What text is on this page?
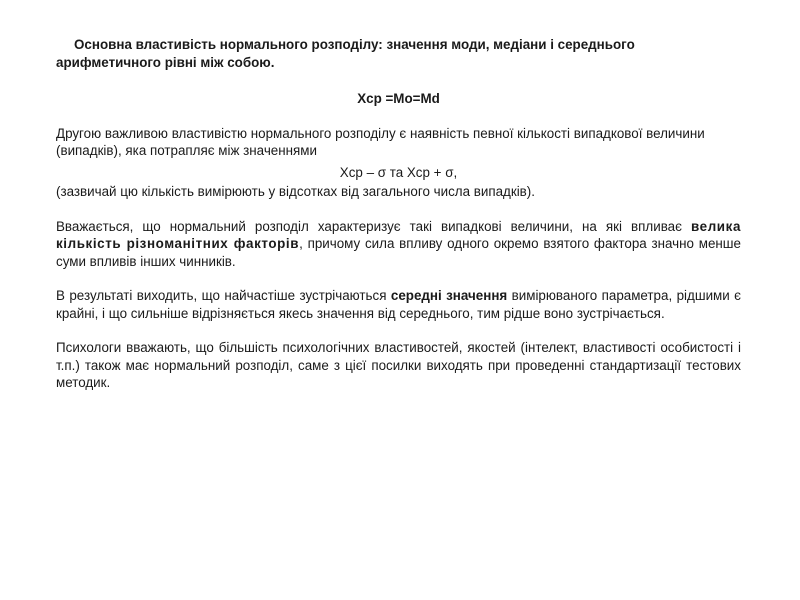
Основна властивість нормального розподілу: значення моди, медіани і середнього арифметичного рівні між собою.

Хср =Мо=Md

Другою важливою властивістю нормального розподілу є наявність певної кількості випадкової величини (випадків), яка потрапляє між значеннями

Хср – σ та Хср + σ,

(зазвичай цю кількість вимірюють у відсотках від загального числа випадків).

Вважається, що нормальний розподіл характеризує такі випадкові величини, на які впливає велика кількість різноманітних факторів, причому сила впливу одного окремо взятого фактора значно менше суми впливів інших чинників.

В результаті виходить, що найчастіше зустрічаються середні значення вимірюваного параметра, рідшими є крайні, і що сильніше відрізняється якесь значення від середнього, тим рідше воно зустрічається.

Психологи вважають, що більшість психологічних властивостей, якостей (інтелект, властивості особистості і т.п.) також має нормальний розподіл, саме з цієї посилки виходять при проведенні стандартизації тестових методик.
